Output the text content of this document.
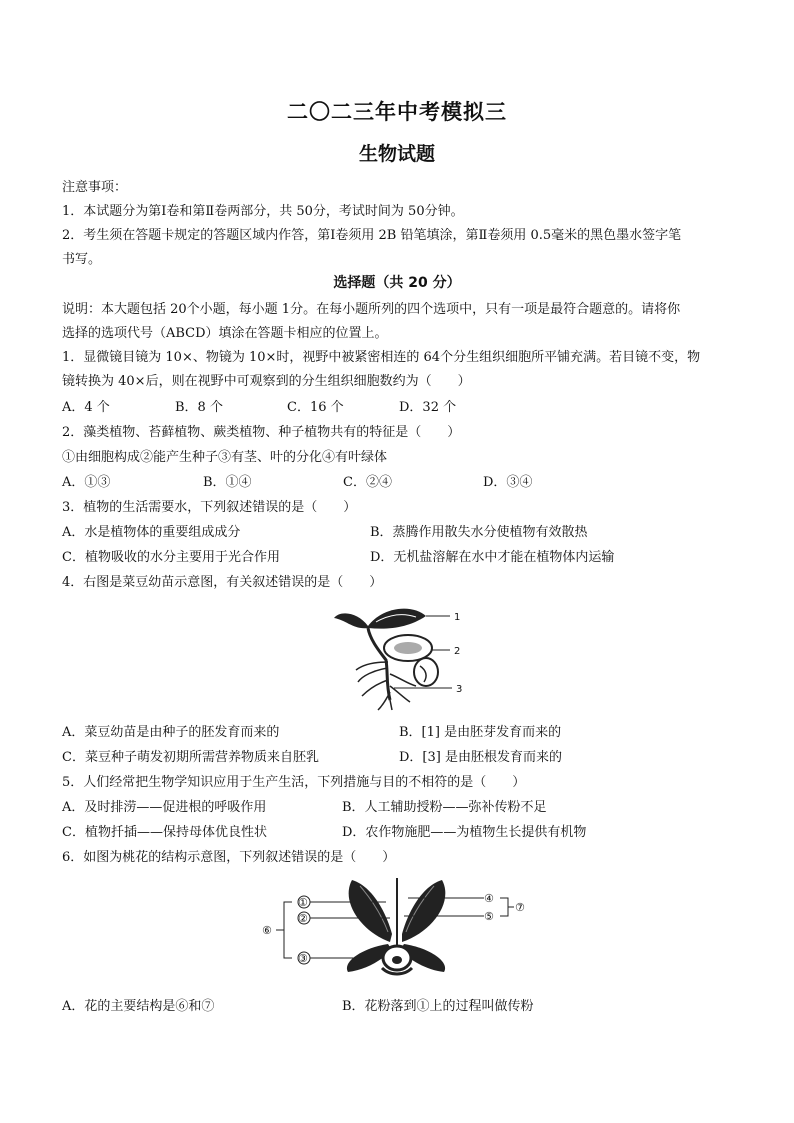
二〇二三年中考模拟三
生物试题
注意事项：
1．本试题分为第Ⅰ卷和第Ⅱ卷两部分，共 50分，考试时间为 50分钟。
2．考生须在答题卡规定的答题区域内作答，第Ⅰ卷须用 2B 铅笔填涂，第Ⅱ卷须用 0.5毫米的黑色墨水签字笔
书写。
选择题（共 20 分）
说明：本大题包括 20个小题，每小题 1分。在每小题所列的四个选项中，只有一项是最符合题意的。请将你
选择的选项代号（ABCD）填涂在答题卡相应的位置上。
1．显微镜目镜为 10×、物镜为 10×时，视野中被紧密相连的 64个分生组织细胞所平铺充满。若目镜不变，物
镜转换为 40×后，则在视野中可观察到的分生组织细胞数约为（　　）
A．4 个	B．8 个	C．16 个	D．32 个
2．藻类植物、苔藓植物、蕨类植物、种子植物共有的特征是（　　）
①由细胞构成②能产生种子③有茎、叶的分化④有叶绿体
A．①③	B．①④	C．②④	D．③④
3．植物的生活需要水，下列叙述错误的是（　　）
A．水是植物体的重要组成成分	B．蒸腾作用散失水分使植物有效散热
C．植物吸收的水分主要用于光合作用	D．无机盐溶解在水中才能在植物体内运输
4．右图是菜豆幼苗示意图，有关叙述错误的是（　　）
1
2
3
A．菜豆幼苗是由种子的胚发育而来的	B．[1] 是由胚芽发育而来的
C．菜豆种子萌发初期所需营养物质来自胚乳	D．[3] 是由胚根发育而来的
5．人们经常把生物学知识应用于生产生活，下列措施与目的不相符的是（　　）
A．及时排涝——促进根的呼吸作用	B．人工辅助授粉——弥补传粉不足
C．植物扦插——保持母体优良性状	D．农作物施肥——为植物生长提供有机物
6．如图为桃花的结构示意图，下列叙述错误的是（　　）
①
②
③
⑥
④
⑤
⑦
A．花的主要结构是⑥和⑦	B．花粉落到①上的过程叫做传粉
